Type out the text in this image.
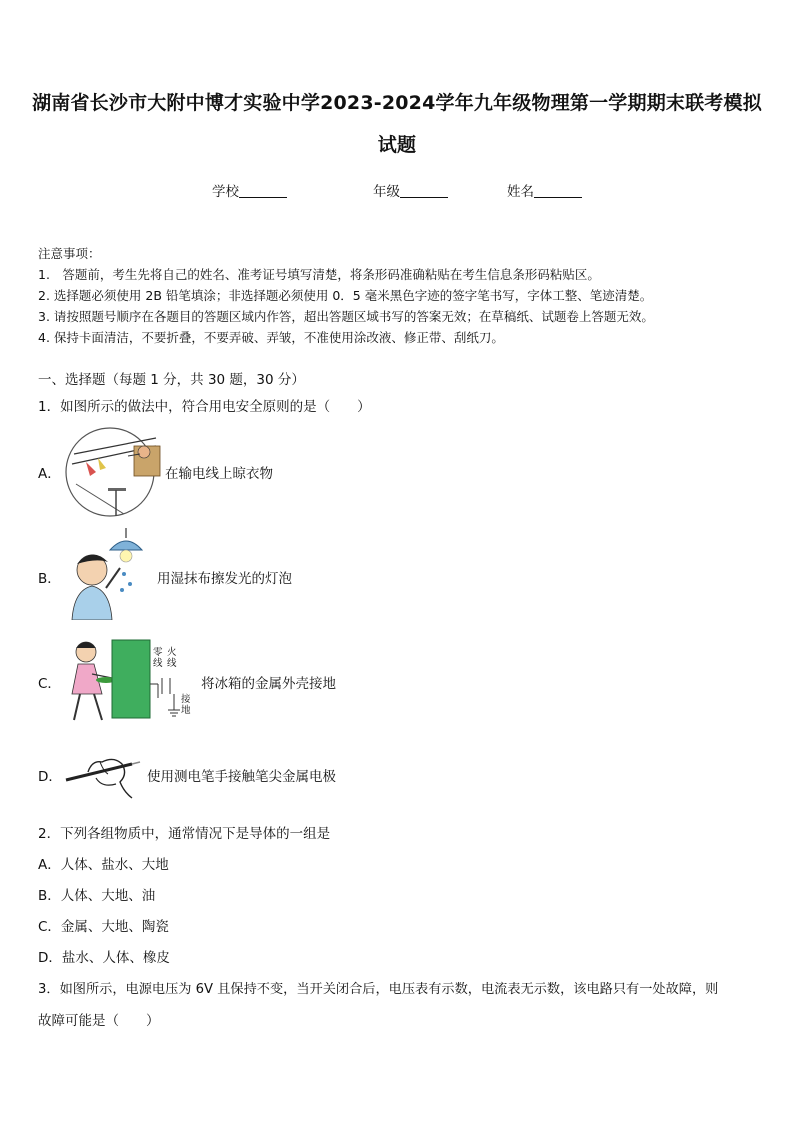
湖南省长沙市大附中博才实验中学2023-2024学年九年级物理第一学期期末联考模拟
试题
学校	年级	姓名
注意事项：
1.　答题前，考生先将自己的姓名、准考证号填写清楚，将条形码准确粘贴在考生信息条形码粘贴区。
2. 选择题必须使用 2B 铅笔填涂；非选择题必须使用 0．5 毫米黑色字迹的签字笔书写，字体工整、笔迹清楚。
3. 请按照题号顺序在各题目的答题区域内作答，超出答题区域书写的答案无效；在草稿纸、试题卷上答题无效。
4. 保持卡面清洁，不要折叠，不要弄破、弄皱，不准使用涂改液、修正带、刮纸刀。
一、选择题（每题 1 分，共 30 题，30 分）
1．如图所示的做法中，符合用电安全原则的是（　　）
A．	在输电线上晾衣物
B．	用湿抹布擦发光的灯泡
C．
零线
火线
接地
将冰箱的金属外壳接地
D．	使用测电笔手接触笔尖金属电极
2．下列各组物质中，通常情况下是导体的一组是
A．人体、盐水、大地
B．人体、大地、油
C．金属、大地、陶瓷
D．盐水、人体、橡皮
3．如图所示，电源电压为 6V 且保持不变，当开关闭合后，电压表有示数，电流表无示数，该电路只有一处故障，则
故障可能是（　　）
